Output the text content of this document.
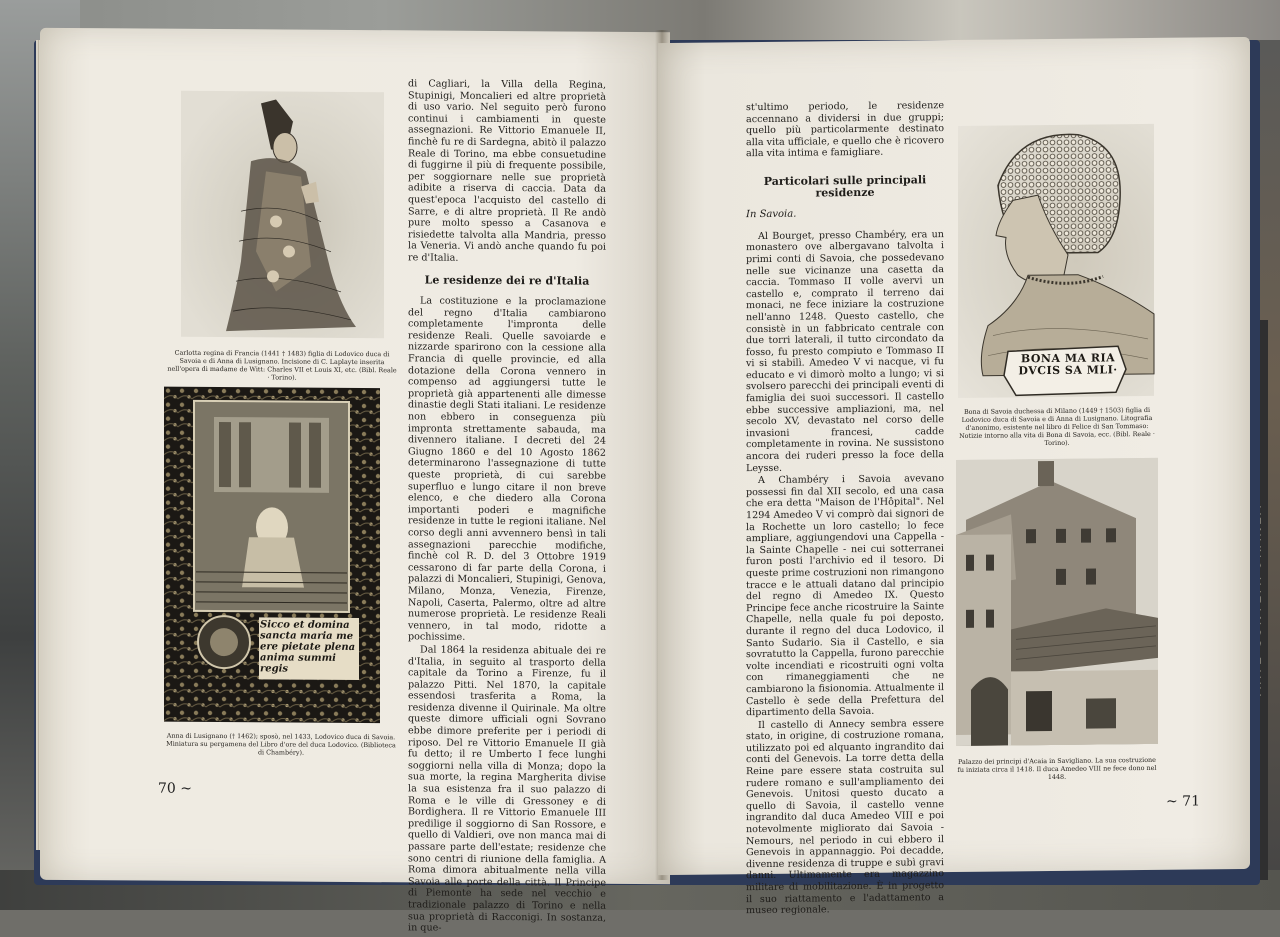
Carlotta regina di Francia (1441 † 1483) figlia di Lodovico duca di Savoia e di Anna di Lusignano. Incisione di C. Laplayte inserita nell'opera di madame de Witt: Charles VII et Louis XI, etc. (Bibl. Reale · Torino).
Sicco et domina sancta maria me ere pietate plena anima summi regis
Anna di Lusignano († 1462); sposò, nel 1433, Lodovico duca di Savoia. Miniatura su pergamena del Libro d'ore del duca Lodovico. (Biblioteca di Chambéry).
di Cagliari, la Villa della Regina, Stupinigi, Moncalieri ed altre proprietà di uso vario. Nel seguito però furono continui i cambiamenti in queste assegnazioni. Re Vittorio Emanuele II, finchè fu re di Sardegna, abitò il palazzo Reale di Torino, ma ebbe consuetudine di fuggirne il più di frequente possibile, per soggiornare nelle sue proprietà adibite a riserva di caccia. Data da quest'epoca l'acquisto del castello di Sarre, e di altre proprietà. Il Re andò pure molto spesso a Casanova e risiedette talvolta alla Mandria, presso la Veneria. Vi andò anche quando fu poi re d'Italia.
Le residenze dei re d'Italia

La costituzione e la proclamazione del regno d'Italia cambiarono completamente l'impronta delle residenze Reali. Quelle savoiarde e nizzarde sparirono con la cessione alla Francia di quelle provincie, ed alla dotazione della Corona vennero in compenso ad aggiungersi tutte le proprietà già appartenenti alle dimesse dinastie degli Stati italiani. Le residenze non ebbero in conseguenza più impronta strettamente sabauda, ma divennero italiane. I decreti del 24 Giugno 1860 e del 10 Agosto 1862 determinarono l'assegnazione di tutte queste proprietà, di cui sarebbe superfluo e lungo citare il non breve elenco, e che diedero alla Corona importanti poderi e magnifiche residenze in tutte le regioni italiane. Nel corso degli anni avvennero bensì in tali assegnazioni parecchie modifiche, finchè col R. D. del 3 Ottobre 1919 cessarono di far parte della Corona, i palazzi di Moncalieri, Stupinigi, Genova, Milano, Monza, Venezia, Firenze, Napoli, Caserta, Palermo, oltre ad altre numerose proprietà. Le residenze Reali vennero, in tal modo, ridotte a pochissime.

Dal 1864 la residenza abituale dei re d'Italia, in seguito al trasporto della capitale da Torino a Firenze, fu il palazzo Pitti. Nel 1870, la capitale essendosi trasferita a Roma, la residenza divenne il Quirinale. Ma oltre queste dimore ufficiali ogni Sovrano ebbe dimore preferite per i periodi di riposo. Del re Vittorio Emanuele II già fu detto; il re Umberto I fece lunghi soggiorni nella villa di Monza; dopo la sua morte, la regina Margherita divise la sua esistenza fra il suo palazzo di Roma e le ville di Gressoney e di Bordighera. Il re Vittorio Emanuele III predilige il soggiorno di San Rossore, e quello di Valdieri, ove non manca mai di passare parte dell'estate; residenze che sono centri di riunione della famiglia. A Roma dimora abitualmente nella villa Savoia alle porte della città. Il Principe di Piemonte ha sede nel vecchio e tradizionale palazzo di Torino e nella sua proprietà di Racconigi. In sostanza, in que-

70 ~
st'ultimo periodo, le residenze accennano a dividersi in due gruppi; quello più particolarmente destinato alla vita ufficiale, e quello che è ricovero alla vita intima e famigliare.
Particolari sulle principali residenze
In Savoia.

Al Bourget, presso Chambéry, era un monastero ove albergavano talvolta i primi conti di Savoia, che possedevano nelle sue vicinanze una casetta da caccia. Tommaso II volle avervi un castello e, comprato il terreno dai monaci, ne fece iniziare la costruzione nell'anno 1248. Questo castello, che consistè in un fabbricato centrale con due torri laterali, il tutto circondato da fosso, fu presto compiuto e Tommaso II vi si stabilì. Amedeo V vi nacque, vi fu educato e vi dimorò molto a lungo; vi si svolsero parecchi dei principali eventi di famiglia dei suoi successori. Il castello ebbe successive ampliazioni, ma, nel secolo XV, devastato nel corso delle invasioni francesi, cadde completamente in rovina. Ne sussistono ancora dei ruderi presso la foce della Leysse.

A Chambéry i Savoia avevano possessi fin dal XII secolo, ed una casa che era detta "Maison de l'Hôpital". Nel 1294 Amedeo V vi comprò dai signori de la Rochette un loro castello; lo fece ampliare, aggiungendovi una Cappella - la Sainte Chapelle - nei cui sotterranei furon posti l'archivio ed il tesoro. Di queste prime costruzioni non rimangono tracce e le attuali datano dal principio del regno di Amedeo IX. Questo Principe fece anche ricostruire la Sainte Chapelle, nella quale fu poi deposto, durante il regno del duca Lodovico, il Santo Sudario. Sia il Castello, e sia sovratutto la Cappella, furono parecchie volte incendiati e ricostruiti ogni volta con rimaneggiamenti che ne cambiarono la fisionomia. Attualmente il Castello è sede della Prefettura del dipartimento della Savoia.

Il castello di Annecy sembra essere stato, in origine, di costruzione romana, utilizzato poi ed alquanto ingrandito dai conti del Genevois. La torre detta della Reine pare essere stata costruita sul rudere romano e sull'ampliamento dei Genevois. Unitosi questo ducato a quello di Savoia, il castello venne ingrandito dal duca Amedeo VIII e poi notevolmente migliorato dai Savoia - Nemours, nel periodo in cui ebbero il Genevois in appannaggio. Poi decadde, divenne residenza di truppe e subì gravi danni. Ultimamente era magazzino militare di mobilitazione. È in progetto il suo riattamento e l'adattamento a museo regionale.

BONA MA RIA DVCIS SA MLI·
Bona di Savoia duchessa di Milano (1449 † 1503) figlia di Lodovico duca di Savoia e di Anna di Lusignano. Litografia d'anonimo, esistente nel libro di Felice di San Tommaso: Notizie intorno alla vita di Bona di Savoia, ecc. (Bibl. Reale · Torino).
Palazzo dei principi d'Acaia in Savigliano. La sua costruzione fu iniziata circa il 1418. Il duca Amedeo VIII ne fece dono nel 1448.
~ 71
